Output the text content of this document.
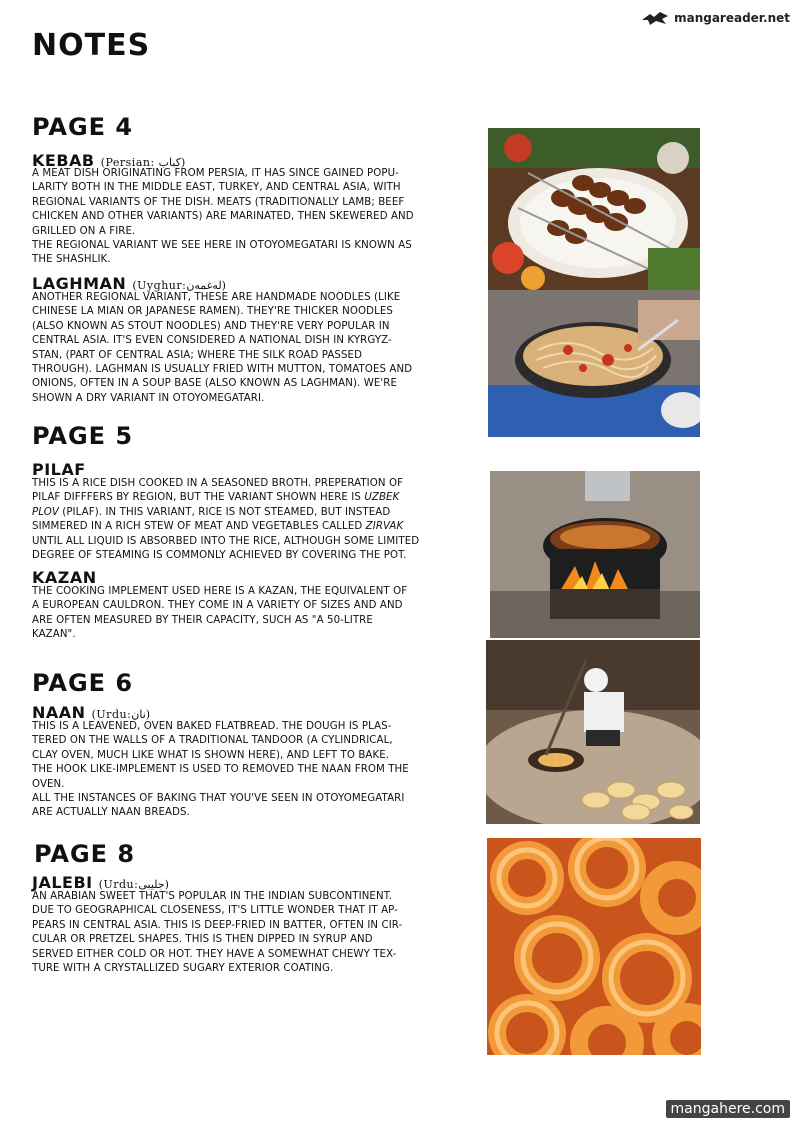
mangareader.net
NOTES
PAGE 4
KEBAB (Persian: کباب)

A MEAT DISH ORIGINATING FROM PERSIA, IT HAS SINCE GAINED POPU-

LARITY BOTH IN THE MIDDLE EAST, TURKEY, AND CENTRAL ASIA, WITH

REGIONAL VARIANTS OF THE DISH. MEATS (TRADITIONALLY LAMB; BEEF

CHICKEN AND OTHER VARIANTS) ARE MARINATED, THEN SKEWERED AND

GRILLED ON A FIRE.

THE REGIONAL VARIANT WE SEE HERE IN OTOYOMEGATARI IS KNOWN AS

THE SHASHLIK.

LAGHMAN (Uyghur:لەغمەن)

ANOTHER REGIONAL VARIANT, THESE ARE HANDMADE NOODLES (LIKE

CHINESE LA MIAN OR JAPANESE RAMEN). THEY'RE THICKER NOODLES

(ALSO KNOWN AS STOUT NOODLES) AND THEY'RE VERY POPULAR IN

CENTRAL ASIA. IT'S EVEN CONSIDERED A NATIONAL DISH IN KYRGYZ-

STAN, (PART OF CENTRAL ASIA; WHERE THE SILK ROAD PASSED

THROUGH). LAGHMAN IS USUALLY FRIED WITH MUTTON, TOMATOES AND

ONIONS, OFTEN IN A SOUP BASE (ALSO KNOWN AS LAGHMAN). WE'RE

SHOWN A DRY VARIANT IN OTOYOMEGATARI.

PAGE 5
PILAF

THIS IS A RICE DISH COOKED IN A SEASONED BROTH. PREPERATION OF

PILAF DIFFFERS BY REGION, BUT THE VARIANT SHOWN HERE IS UZBEK

PLOV (PILAF). IN THIS VARIANT, RICE IS NOT STEAMED, BUT INSTEAD

SIMMERED IN A RICH STEW OF MEAT AND VEGETABLES CALLED ZIRVAK

UNTIL ALL LIQUID IS ABSORBED INTO THE RICE, ALTHOUGH SOME LIMITED

DEGREE OF STEAMING IS COMMONLY ACHIEVED BY COVERING THE POT.

KAZAN

THE COOKING IMPLEMENT USED HERE IS A KAZAN, THE EQUIVALENT OF

A EUROPEAN CAULDRON. THEY COME IN A VARIETY OF SIZES AND AND

ARE OFTEN MEASURED BY THEIR CAPACITY, SUCH AS "A 50-LITRE

KAZAN".

PAGE 6
NAAN (Urdu:نان)

THIS IS A LEAVENED, OVEN BAKED FLATBREAD. THE DOUGH IS PLAS-

TERED ON THE WALLS OF A TRADITIONAL TANDOOR (A CYLINDRICAL,

CLAY OVEN, MUCH LIKE WHAT IS SHOWN HERE), AND LEFT TO BAKE.

THE HOOK LIKE-IMPLEMENT IS USED TO REMOVED THE NAAN FROM THE

OVEN.

ALL THE INSTANCES OF BAKING THAT YOU'VE SEEN IN OTOYOMEGATARI

ARE ACTUALLY NAAN BREADS.

PAGE 8
JALEBI (Urdu:جلیبی)

AN ARABIAN SWEET THAT'S POPULAR IN THE INDIAN SUBCONTINENT.

DUE TO GEOGRAPHICAL CLOSENESS, IT'S LITTLE WONDER THAT IT AP-

PEARS IN CENTRAL ASIA. THIS IS DEEP-FRIED IN BATTER, OFTEN IN CIR-

CULAR OR PRETZEL SHAPES. THIS IS THEN DIPPED IN SYRUP AND

SERVED EITHER COLD OR HOT. THEY HAVE A SOMEWHAT CHEWY TEX-

TURE WITH A CRYSTALLIZED SUGARY EXTERIOR COATING.

mangahere.com
